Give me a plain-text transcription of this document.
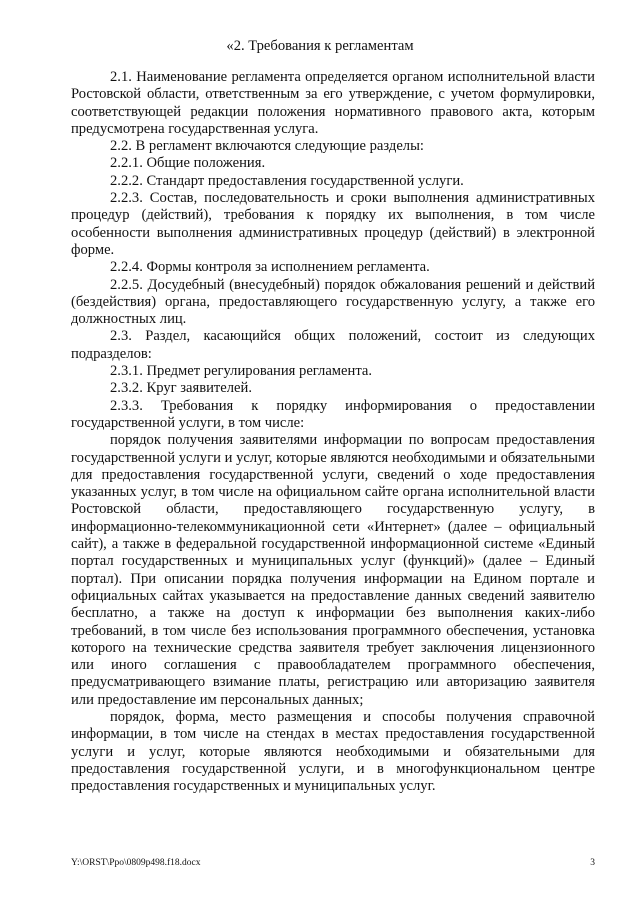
«2. Требования к регламентам

2.1. Наименование регламента определяется органом исполнительной власти Ростовской области, ответственным за его утверждение, с учетом формулировки, соответствующей редакции положения нормативного правового акта, которым предусмотрена государственная услуга.

2.2. В регламент включаются следующие разделы:

2.2.1. Общие положения.

2.2.2. Стандарт предоставления государственной услуги.

2.2.3. Состав, последовательность и сроки выполнения административных процедур (действий), требования к порядку их выполнения, в том числе особенности выполнения административных процедур (действий) в электронной форме.

2.2.4. Формы контроля за исполнением регламента.

2.2.5. Досудебный (внесудебный) порядок обжалования решений и действий (бездействия) органа, предоставляющего государственную услугу, а также его должностных лиц.

2.3. Раздел, касающийся общих положений, состоит из следующих подразделов:

2.3.1. Предмет регулирования регламента.

2.3.2. Круг заявителей.

2.3.3. Требования к порядку информирования о предоставлении государственной услуги, в том числе:

порядок получения заявителями информации по вопросам предоставления государственной услуги и услуг, которые являются необходимыми и обязательными для предоставления государственной услуги, сведений о ходе предоставления указанных услуг, в том числе на официальном сайте органа исполнительной власти Ростовской области, предоставляющего государственную услугу, в информационно-телекоммуникационной сети «Интернет» (далее – официальный сайт), а также в федеральной государственной информационной системе «Единый портал государственных и муниципальных услуг (функций)» (далее – Единый портал). При описании порядка получения информации на Едином портале и официальных сайтах указывается на предоставление данных сведений заявителю бесплатно, а также на доступ к информации без выполнения каких-либо требований, в том числе без использования программного обеспечения, установка которого на технические средства заявителя требует заключения лицензионного или иного соглашения с правообладателем программного обеспечения, предусматривающего взимание платы, регистрацию или авторизацию заявителя или предоставление им персональных данных;

порядок, форма, место размещения и способы получения справочной информации, в том числе на стендах в местах предоставления государственной услуги и услуг, которые являются необходимыми и обязательными для предоставления государственной услуги, и в многофункциональном центре предоставления государственных и муниципальных услуг.

Y:\ORST\Ppo\0809p498.f18.docx	3
